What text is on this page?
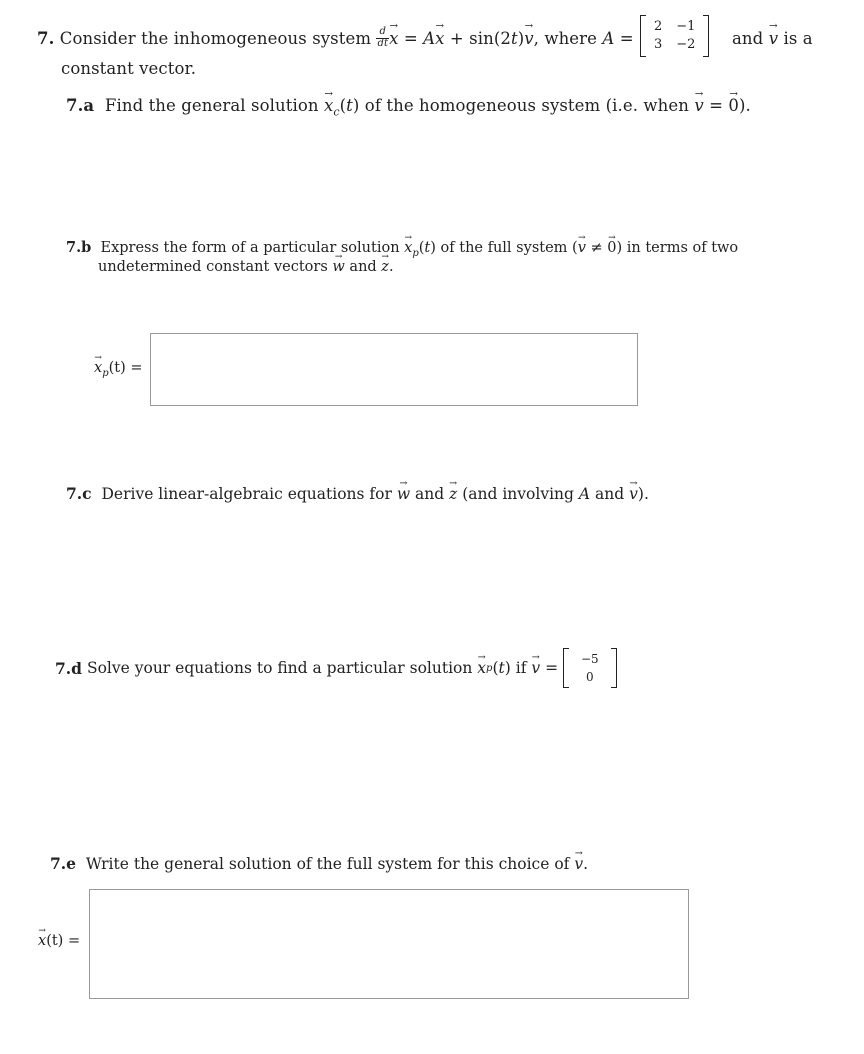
7.
Consider the inhomogeneous system
$\frac{d}{dt}$
→ x = A
→ x + sin(2 t )
→ v , where
A =
2 −1
3 −2 and

→ v
is a
constant vector.
7.a Find the general solution → $x_c(t)$ of the homogeneous system (i.e. when → v = → 0).
7.b Express the form of a particular solution → $x_p(t)$ of the full system (→ v ≠ → 0) in terms of two
undetermined constant vectors → w and → z.
→ $x_p(t)$ =
7.c Derive linear-algebraic equations for → w and → z (and involving A and → v).
7.d
Solve your equations to find a particular solution

→ x p ( t ) if

→ v = −5
0
7.e Write the general solution of the full system for this choice of → v.
→ x(t) =
